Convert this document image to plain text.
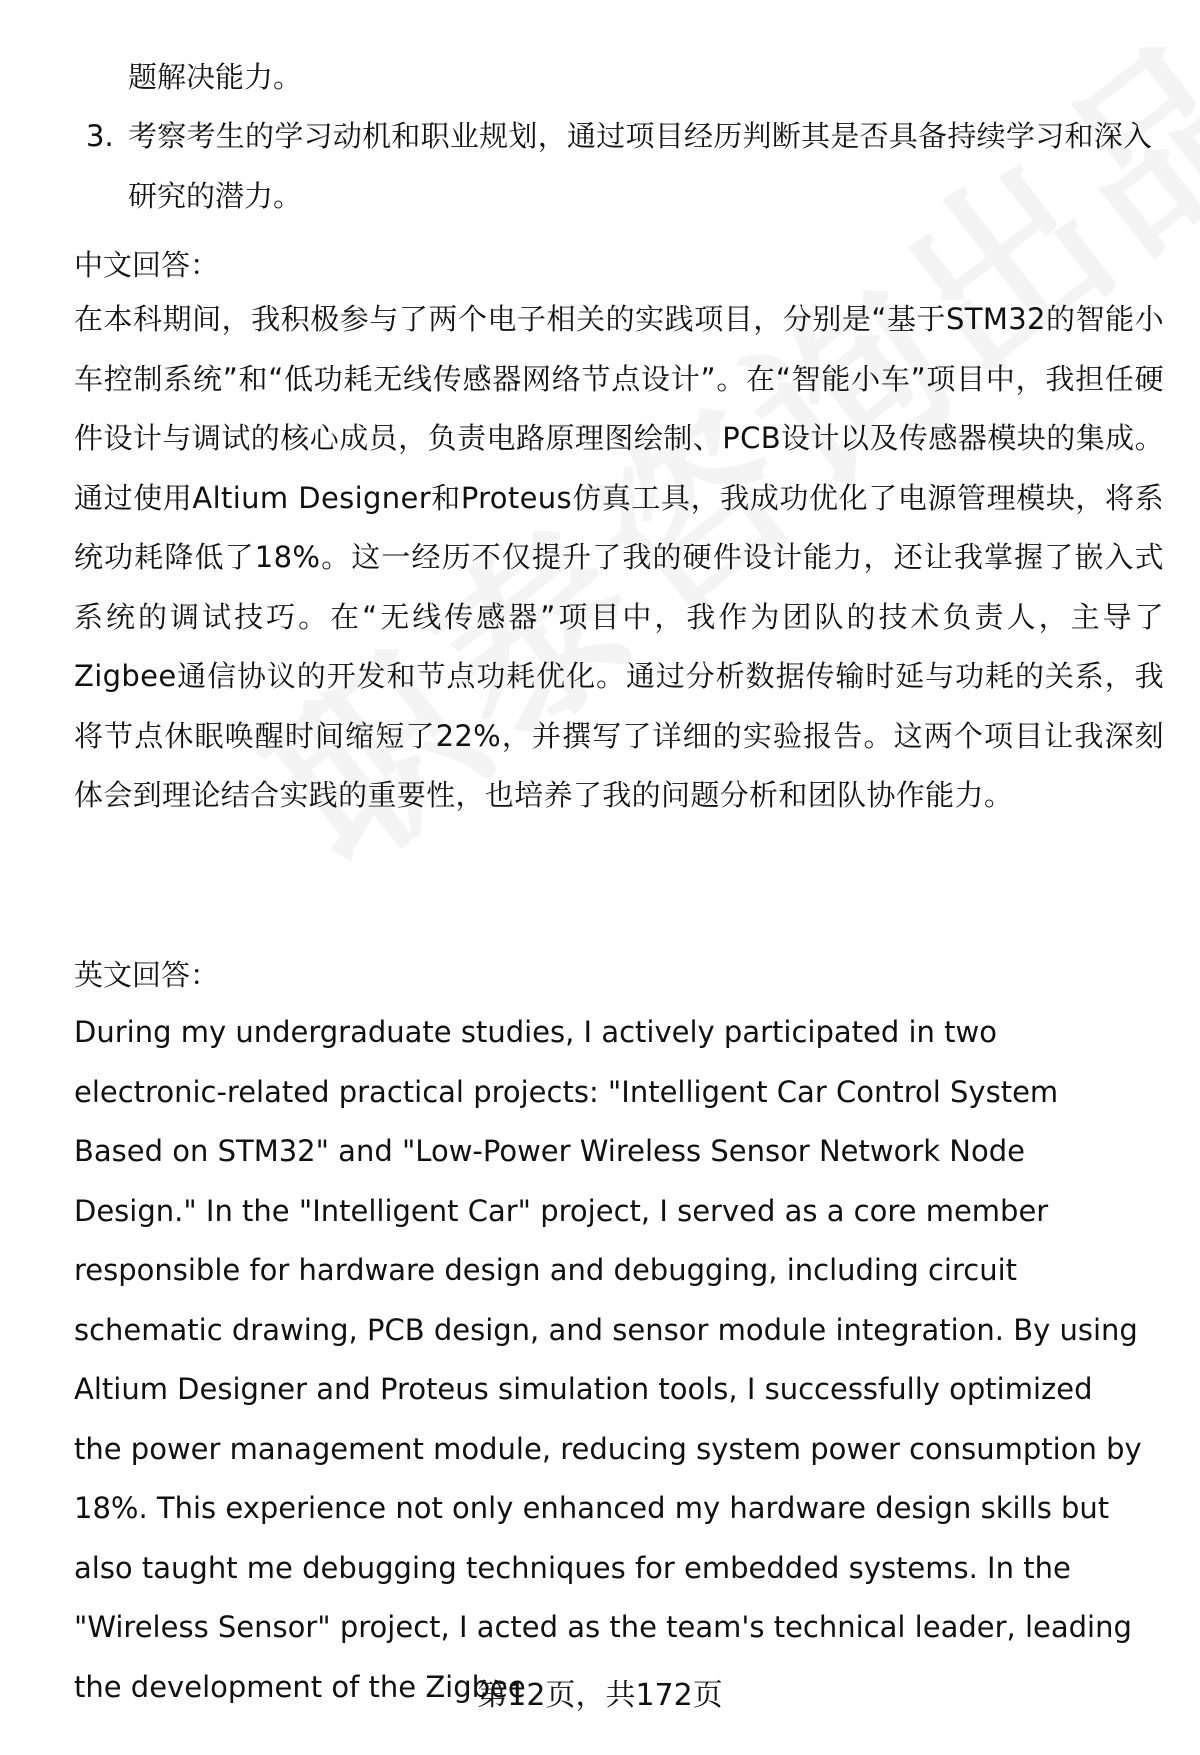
题解决能力。
3. 考察考生的学习动机和职业规划，通过项目经历判断其是否具备持续学习和深入研究的潜力。
中文回答：
在本科期间，我积极参与了两个电子相关的实践项目，分别是“基于STM32的智能小车控制系统”和“低功耗无线传感器网络节点设计”。在“智能小车”项目中，我担任硬件设计与调试的核心成员，负责电路原理图绘制、PCB设计以及传感器模块的集成。通过使用Altium Designer和Proteus仿真工具，我成功优化了电源管理模块，将系统功耗降低了18%。这一经历不仅提升了我的硬件设计能力，还让我掌握了嵌入式系统的调试技巧。在“无线传感器”项目中，我作为团队的技术负责人，主导了Zigbee通信协议的开发和节点功耗优化。通过分析数据传输时延与功耗的关系，我将节点休眠唤醒时间缩短了22%，并撰写了详细的实验报告。这两个项目让我深刻体会到理论结合实践的重要性，也培养了我的问题分析和团队协作能力。
英文回答：
During my undergraduate studies, I actively participated in two electronic-related practical projects: "Intelligent Car Control System Based on STM32" and "Low-Power Wireless Sensor Network Node Design." In the "Intelligent Car" project, I served as a core member responsible for hardware design and debugging, including circuit schematic drawing, PCB design, and sensor module integration. By using Altium Designer and Proteus simulation tools, I successfully optimized the power management module, reducing system power consumption by 18%. This experience not only enhanced my hardware design skills but also taught me debugging techniques for embedded systems. In the "Wireless Sensor" project, I acted as the team's technical leader, leading the development of the Zigbee
第12页，共172页
